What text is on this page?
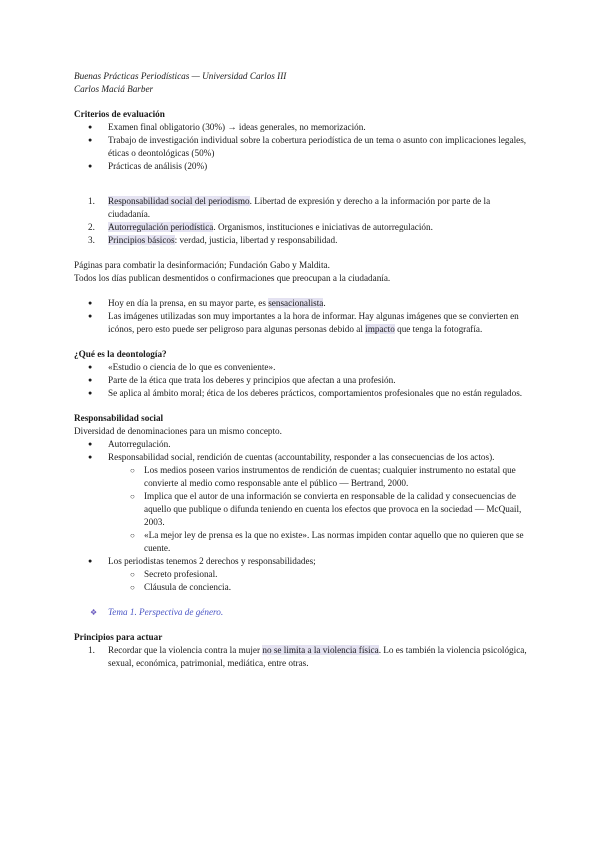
Buenas Prácticas Periodísticas — Universidad Carlos III

Carlos Maciá Barber

Criterios de evaluación

● Examen final obligatorio (30%) → ideas generales, no memorización.
● Trabajo de investigación individual sobre la cobertura periodística de un tema o asunto con implicaciones legales, éticas o deontológicas (50%)
● Prácticas de análisis (20%)
1. Responsabilidad social del periodismo. Libertad de expresión y derecho a la información por parte de la ciudadanía.
2. Autorregulación periodística. Organismos, instituciones e iniciativas de autorregulación.
3. Principios básicos: verdad, justicia, libertad y responsabilidad.

Páginas para combatir la desinformación; Fundación Gabo y Maldita.

Todos los días publican desmentidos o confirmaciones que preocupan a la ciudadanía.

● Hoy en día la prensa, en su mayor parte, es sensacionalista.
● Las imágenes utilizadas son muy importantes a la hora de informar. Hay algunas imágenes que se convierten en icónos, pero esto puede ser peligroso para algunas personas debido al impacto que tenga la fotografía.

¿Qué es la deontología?

● «Estudio o ciencia de lo que es conveniente».
● Parte de la ética que trata los deberes y principios que afectan a una profesión.
● Se aplica al ámbito moral; ética de los deberes prácticos, comportamientos profesionales que no están regulados.

Responsabilidad social

Diversidad de denominaciones para un mismo concepto.

● Autorregulación.
● Responsabilidad social, rendición de cuentas (accountability, responder a las consecuencias de los actos).
○ Los medios poseen varios instrumentos de rendición de cuentas; cualquier instrumento no estatal que convierte al medio como responsable ante el público — Bertrand, 2000.
○ Implica que el autor de una información se convierta en responsable de la calidad y consecuencias de aquello que publique o difunda teniendo en cuenta los efectos que provoca en la sociedad — McQuail, 2003.
○ «La mejor ley de prensa es la que no existe». Las normas impiden contar aquello que no quieren que se cuente.
● Los periodistas tenemos 2 derechos y responsabilidades;
○ Secreto profesional.
○ Cláusula de conciencia.
❖ Tema 1. Perspectiva de género.

Principios para actuar

1. Recordar que la violencia contra la mujer no se limita a la violencia física. Lo es también la violencia psicológica, sexual, económica, patrimonial, mediática, entre otras.
